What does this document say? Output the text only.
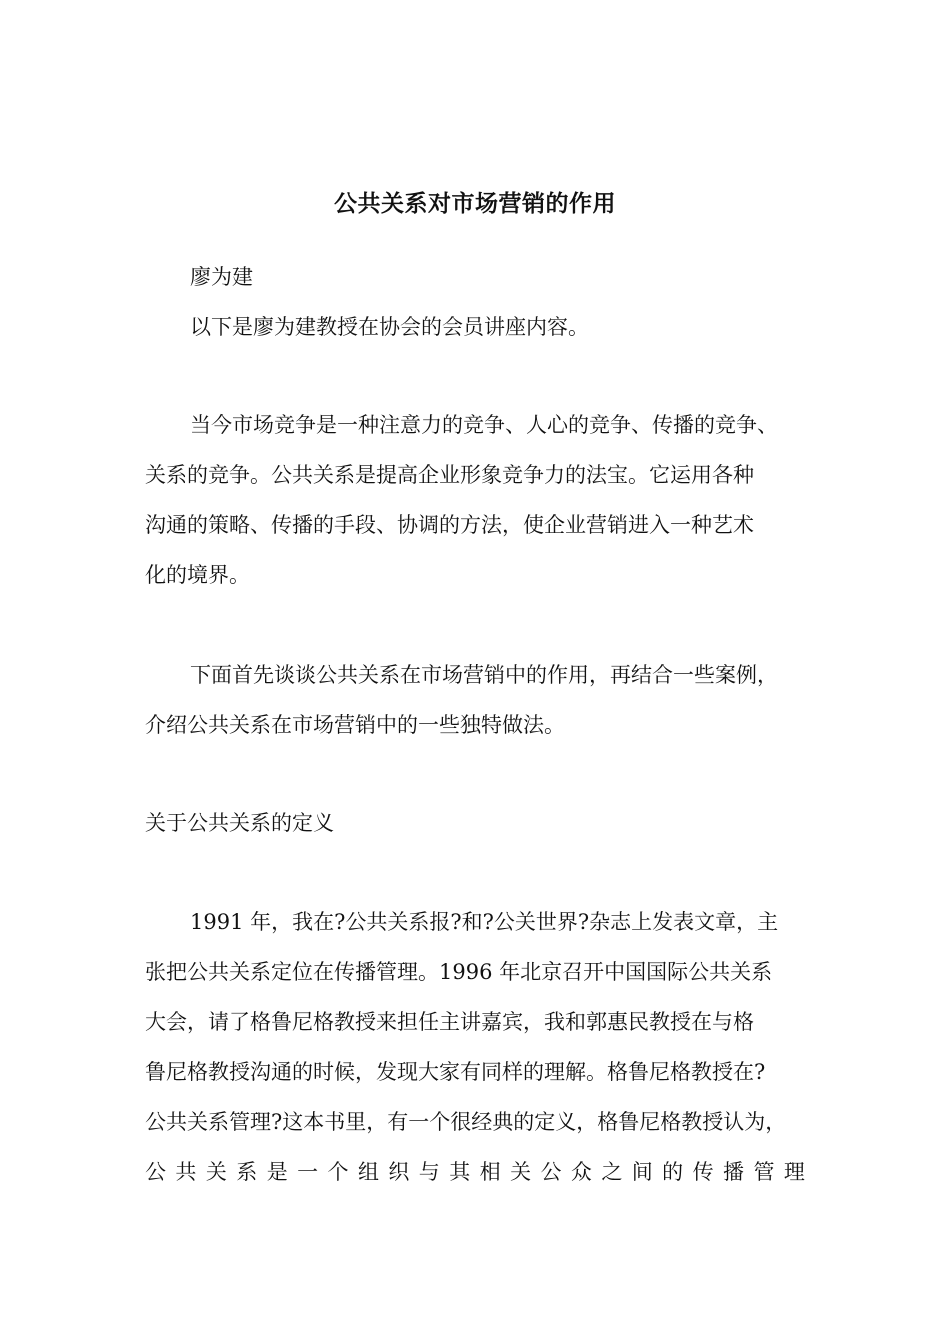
公共关系对市场营销的作用
廖为建
以下是廖为建教授在协会的会员讲座内容。
当今市场竞争是一种注意力的竞争、人心的竞争、传播的竞争、
关系的竞争。公共关系是提高企业形象竞争力的法宝。它运用各种
沟通的策略、传播的手段、协调的方法，使企业营销进入一种艺术
化的境界。
下面首先谈谈公共关系在市场营销中的作用，再结合一些案例，
介绍公共关系在市场营销中的一些独特做法。
关于公共关系的定义
1991 年，我在?公共关系报?和?公关世界?杂志上发表文章，主
张把公共关系定位在传播管理。1996 年北京召开中国国际公共关系
大会，请了格鲁尼格教授来担任主讲嘉宾，我和郭惠民教授在与格
鲁尼格教授沟通的时候，发现大家有同样的理解。格鲁尼格教授在?
公共关系管理?这本书里，有一个很经典的定义，格鲁尼格教授认为，
公 共 关 系 是 一 个 组 织 与 其 相 关 公 众 之 间 的 传 播 管 理
